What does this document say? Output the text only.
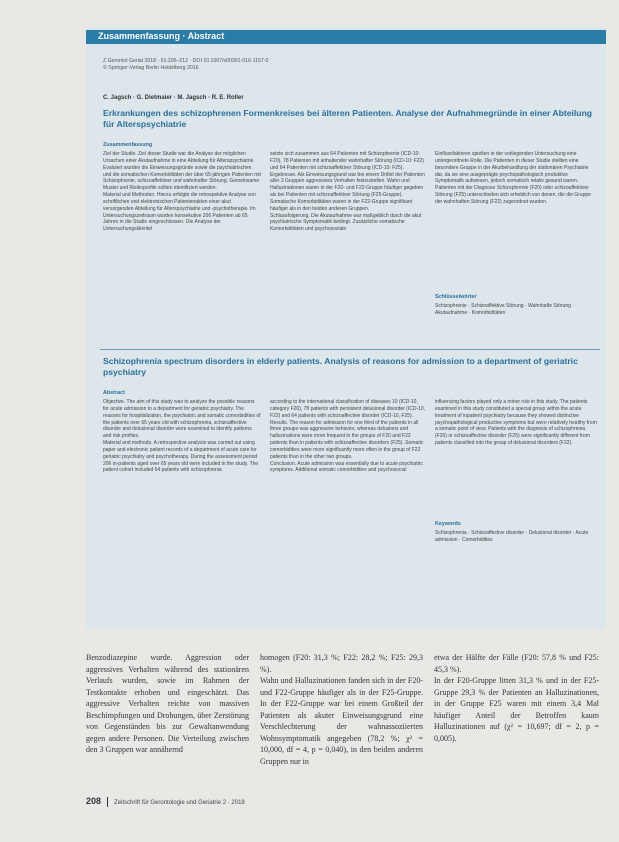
Zusammenfassung · Abstract
Z Gerontol Geriat 2018 · 51:205–212 · DOI 10.1007/s00391-016-1157-0
© Springer-Verlag Berlin Heidelberg 2016
C. Jagsch · G. Dietmaier · M. Jagsch · R. E. Roller
Erkrankungen des schizophrenen Formenkreises bei älteren Patienten. Analyse der Aufnahmegründe in einer Abteilung für Alterspsychiatrie
Zusammenfassung

Ziel der Studie. Ziel dieser Studie war die Analyse der möglichen Ursachen einer Akutaufnahme in eine Abteilung für Alterspsychiatrie. Evaluiert wurden die Einweisungsgründe sowie die psychiatrischen und die somatischen Komorbiditäten der über 65-jährigen Patienten mit Schizophrenie, schizoaffektiver und wahnhafter Störung. Gemeinsame Muster und Risikoprofile sollten identifiziert werden.
Material und Methoden. Hierzu erfolgte die retrospektive Analyse von schriftlichen und elektronischen Patientenakten einer akut versorgenden Abteilung für Alterspsychiatrie und -psychotherapie. Im Untersuchungszeitraum wurden konsekutive 206 Patienten ab 65 Jahren in die Studie eingeschlossen. Die Analyse der Untersuchungsklientel

setzte sich zusammen aus 64 Patienten mit Schizophrenie (ICD-10: F20), 78 Patienten mit anhaltender wahnhafter Störung (ICD-10: F22) und 64 Patienten mit schizoaffektiver Störung (ICD-10: F25).
Ergebnisse. Als Einweisungsgrund war bei einem Drittel der Patienten aller 3 Gruppen aggressives Verhalten festzustellen. Wahn und Halluzinationen waren in der F20- und F22-Gruppe häufiger gegeben als bei Patienten mit schizoaffektiver Störung (F25-Gruppe). Somatische Komorbiditäten waren in der F22-Gruppe signifikant häufiger als in den beiden anderen Gruppen.
Schlussfolgerung. Die Akutaufnahme war maßgeblich durch die akut psychiatrische Symptomatik bedingt. Zusätzliche somatische Komorbiditäten und psychosoziale

Einflussfaktoren spielten in der vorliegenden Untersuchung eine untergeordnete Rolle. Die Patienten in dieser Studie stellten eine besondere Gruppe in der Akutbehandlung der stationären Psychiatrie dar, da sie eine ausgeprägte psychopathologisch produktive Symptomatik aufwiesen, jedoch somatisch relativ gesund waren. Patienten mit der Diagnose Schizophrenie (F20) oder schizoaffektiver Störung (F25) unterschieden sich erheblich von denen, die die Gruppe der wahnhaften Störung (F22) zugeordnet wurden.

Schlüsselwörter
Schizophrenie · Schizoaffektive Störung · Wahnhafte Störung · Akutaufnahme · Komorbiditäten
Schizophrenia spectrum disorders in elderly patients. Analysis of reasons for admission to a department of geriatric psychiatry
Abstract

Objective. The aim of this study was to analyze the possible reasons for acute admission to a department for geriatric psychiatry. The reasons for hospitalization, the psychiatric and somatic comorbidities of the patients over 65 years old with schizophrenia, schizoaffective disorder and delusional disorder were examined to identify patterns and risk profiles.
Material and methods. A retrospective analysis was carried out using paper and electronic patient records of a department of acute care for geriatric psychiatry and psychotherapy. During the assessment period 206 in-patients aged over 65 years old were included in the study. The patient cohort included 64 patients with schizophrenia

according to the international classification of diseases 10 (ICD-10, category F20), 78 patients with persistent delusional disorder (ICD-10, F22) and 64 patients with schizoaffective disorder (ICD-10, F25).
Results. The reason for admission for one third of the patients in all three groups was aggressive behavior, whereas delusions and hallucinations were more frequent in the groups of F20 and F22 patients than in patients with schizoaffective disorders (F25). Somatic comorbidities were more significantly more often in the group of F22 patients than in the other two groups.
Conclusion. Acute admission was essentially due to acute psychiatric symptoms. Additional somatic comorbidities and psychosocial

influencing factors played only a minor role in this study. The patients examined in this study constituted a special group within the acute treatment of inpatient psychiatry because they showed distinctive psychopathological productive symptoms but were relatively healthy from a somatic point of view. Patients with the diagnosis of schizophrenia (F20) or schizoaffective disorder (F25) were significantly different from patients classified into the group of delusional disorders (F22).

Keywords
Schizophrenia · Schizoaffective disorder · Delusional disorder · Acute admission · Comorbidities

Benzodiazepine wurde. Aggression oder aggressives Verhalten während des stationären Verlaufs wurden, sowie im Rahmen der Testkontakte erhoben und eingeschätzt. Das aggressive Verhalten reichte von massiven Beschimpfungen und Drohungen, über Zerstörung von Gegenständen bis zur Gewaltanwendung gegen andere Personen. Die Verteilung zwischen den 3 Gruppen war annähernd

homogen (F20: 31,3 %; F22: 28,2 %; F25: 29,3 %).
Wahn und Halluzinationen fanden sich in der F20- und F22-Gruppe häufiger als in der F25-Gruppe. In der F22-Gruppe war bei einem Großteil der Patienten als akuter Einweisungsgrund eine Verschlechterung der wahnassoziierten Wohnsymptomatik angegeben (78,2 %; χ² = 10,000, df = 4, p = 0,040), in den beiden anderen Gruppen nur in

etwa der Hälfte der Fälle (F20: 57,8 % und F25: 45,3 %).
In der F20-Gruppe litten 31,3 % und in der F25-Gruppe 29,3 % der Patienten an Halluzinationen, in der Gruppe F25 waren mit einem 3,4 Mal häufiger Anteil der Betroffen kaum Halluzinationen auf (χ² = 10,697; df = 2, p = 0,005).

208 Zeitschrift für Gerontologie und Geriatrie 2 · 2018
